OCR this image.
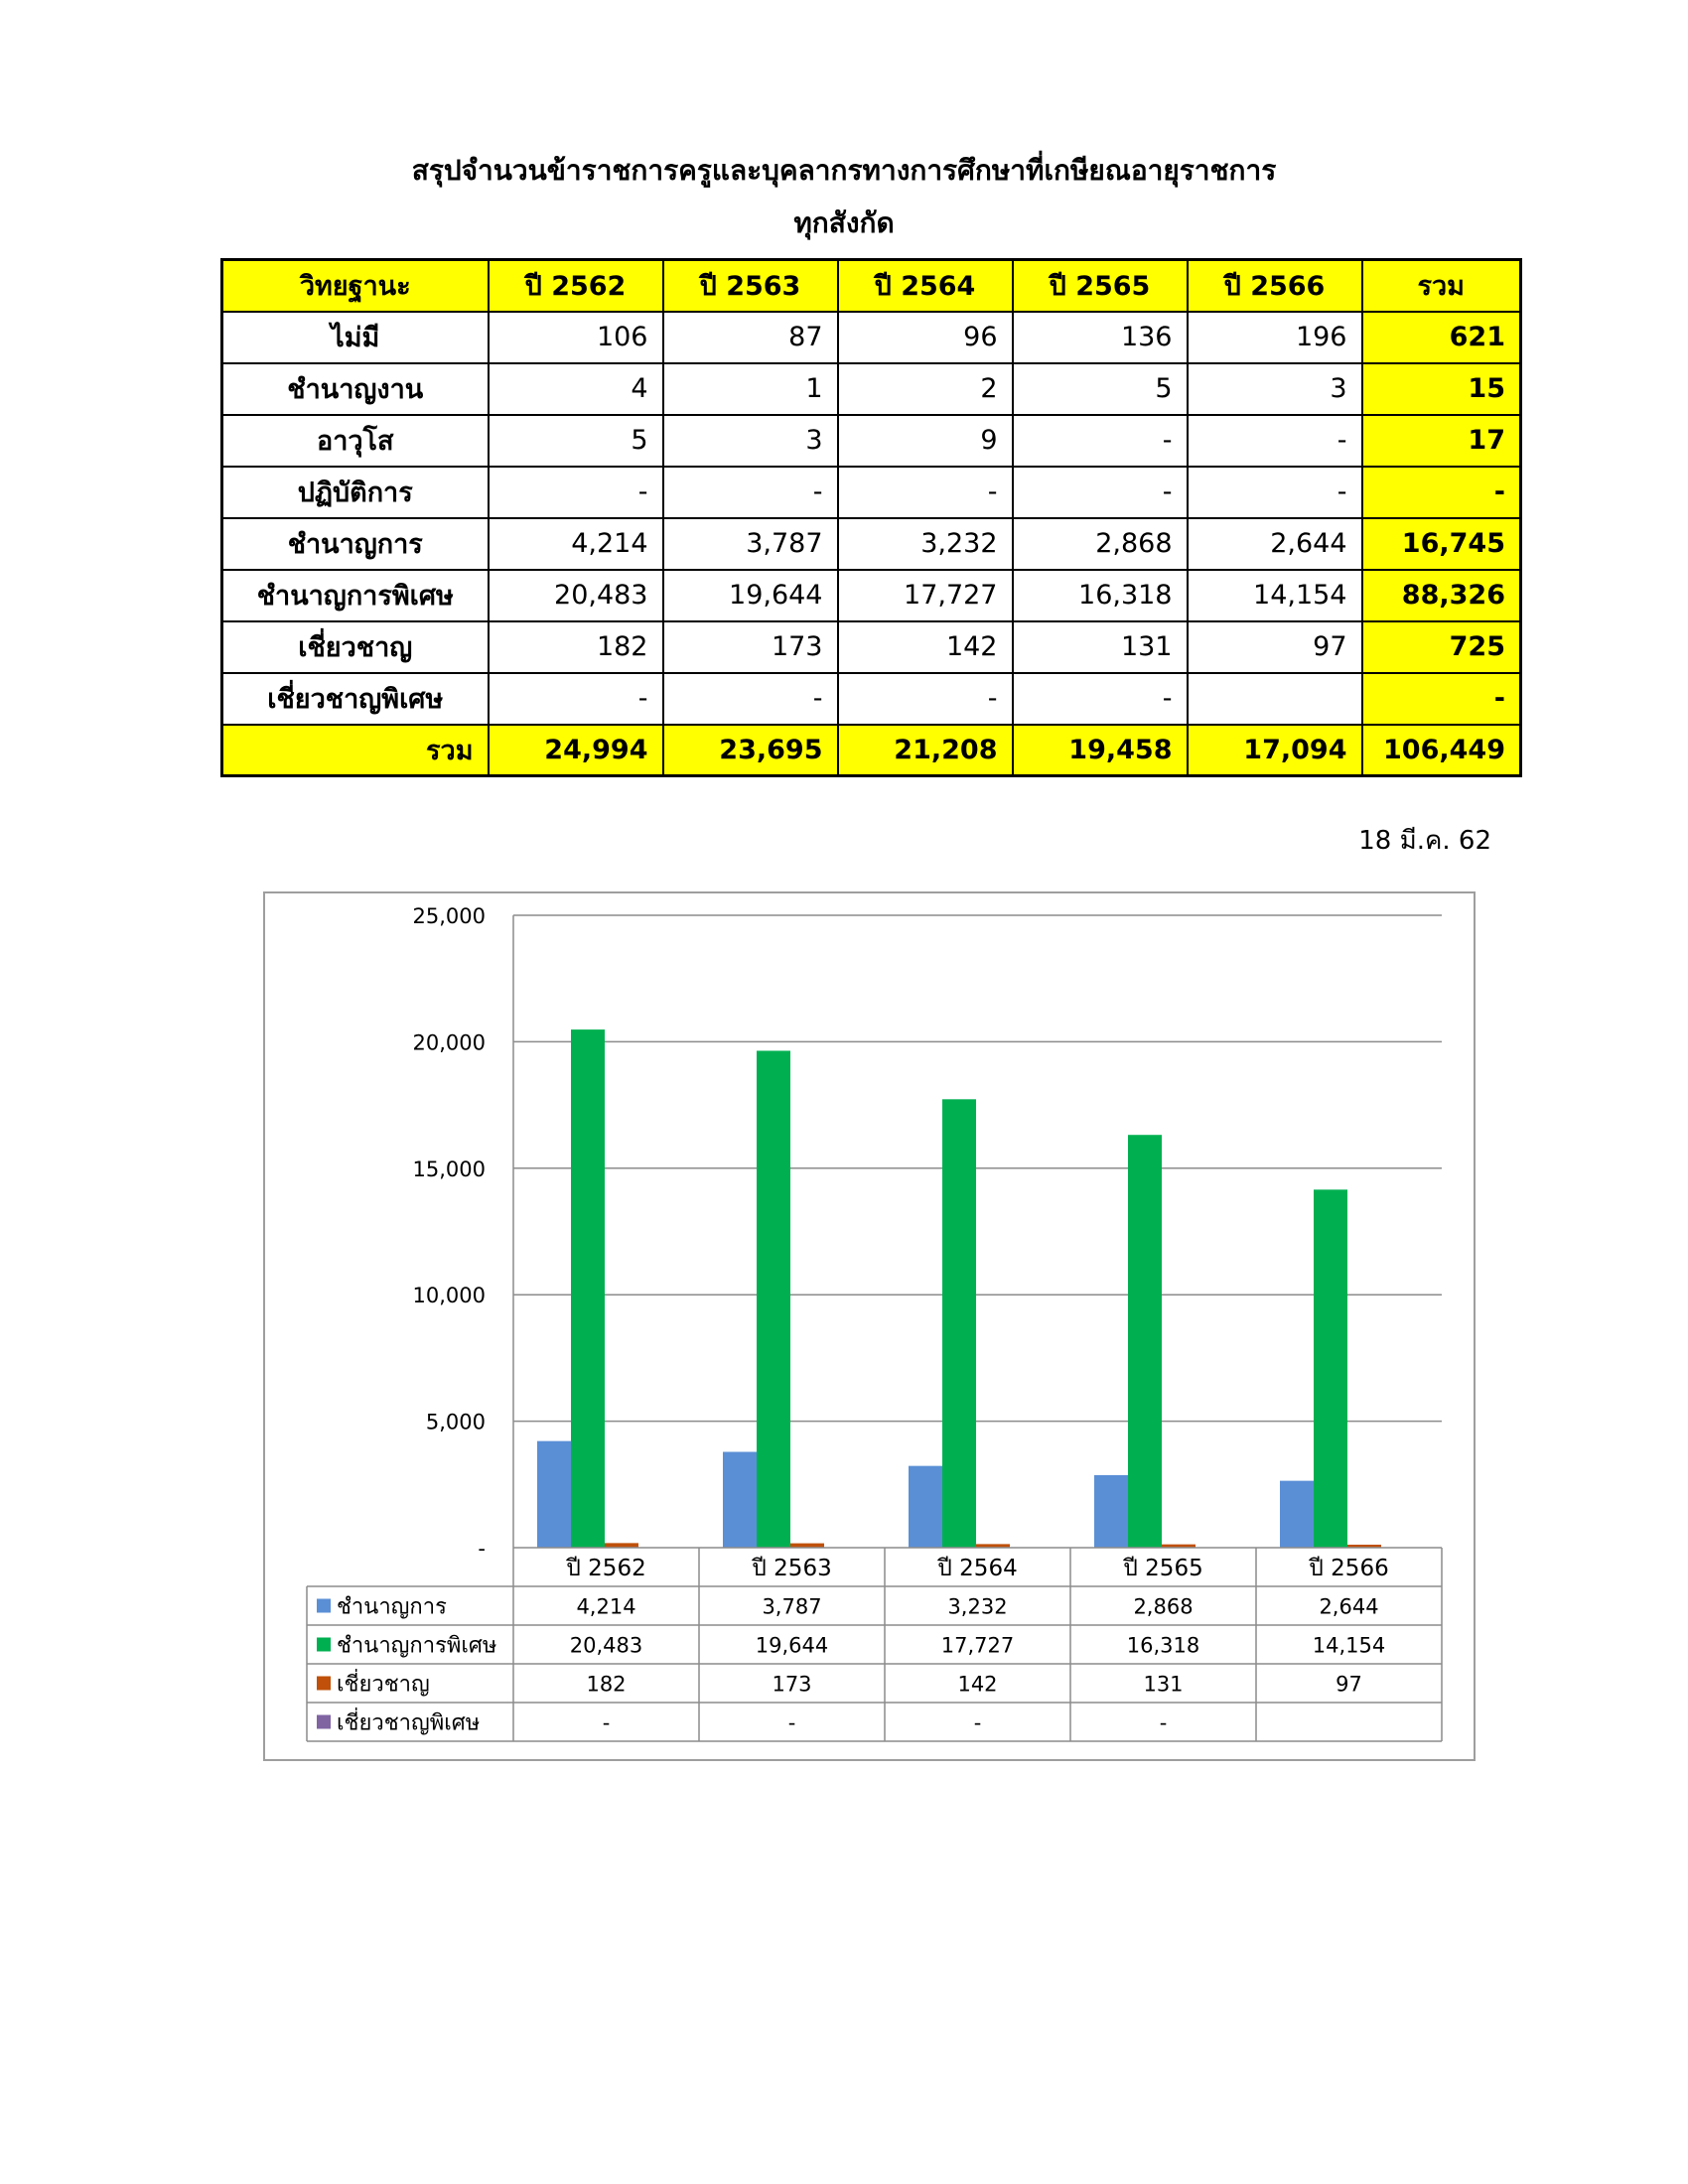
สรุปจำนวนข้าราชการครูและบุคลากรทางการศึกษาที่เกษียณอายุราชการ
ทุกสังกัด
วิทยฐานะ	ปี 2562	ปี 2563	ปี 2564	ปี 2565	ปี 2566	รวม
ไม่มี	106	87	96	136	196	621
ชำนาญงาน	4	1	2	5	3	15
อาวุโส	5	3	9	-	-	17
ปฏิบัติการ	-	-	-	-	-	-
ชำนาญการ	4,214	3,787	3,232	2,868	2,644	16,745
ชำนาญการพิเศษ	20,483	19,644	17,727	16,318	14,154	88,326
เชี่ยวชาญ	182	173	142	131	97	725
เชี่ยวชาญพิเศษ	-	-	-	-		-
รวม	24,994	23,695	21,208	19,458	17,094	106,449
18 มี.ค. 62
-
5,000
10,000
15,000
20,000
25,000
ปี 2562	ปี 2563	ปี 2564	ปี 2565	ปี 2566
ชำนาญการ	4,214	3,787	3,232	2,868	2,644
ชำนาญการพิเศษ	20,483	19,644	17,727	16,318	14,154
เชี่ยวชาญ	182	173	142	131	97
เชี่ยวชาญพิเศษ	-	-	-	-
